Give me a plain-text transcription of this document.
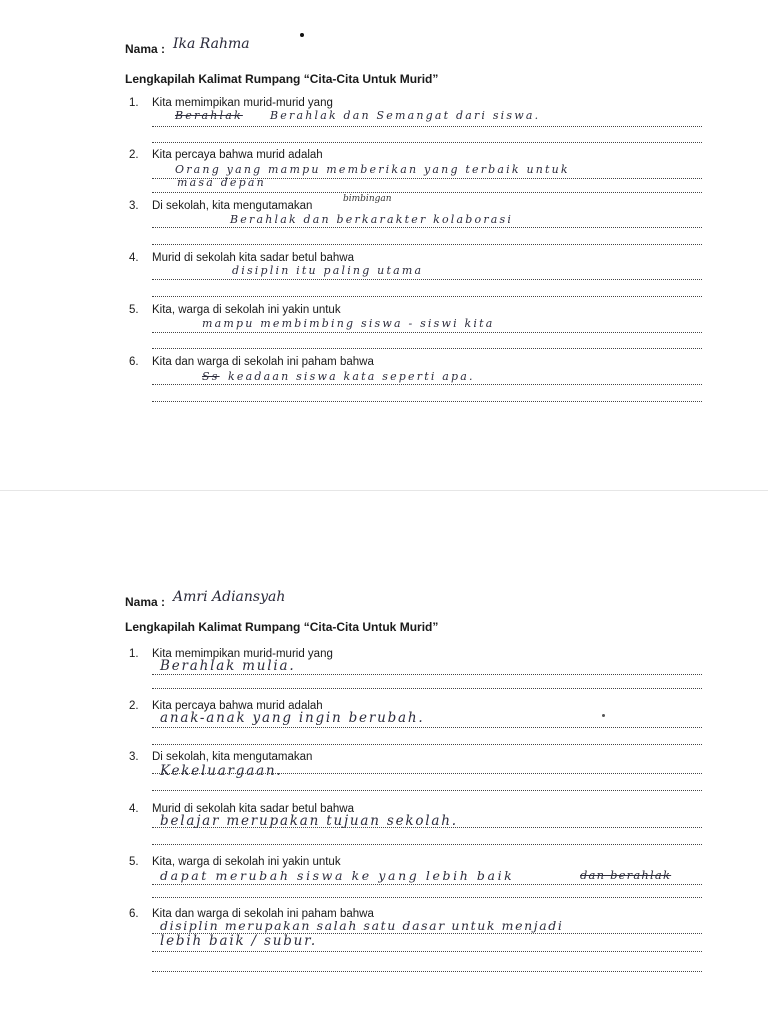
Nama : Ika Rahma
Lengkapilah Kalimat Rumpang “Cita-Cita Untuk Murid”
1. Kita memimpikan murid-murid yang
Berahlak Berahlak dan Semangat dari siswa.
2. Kita percaya bahwa murid adalah
Orang yang mampu memberikan yang terbaik untuk
masa depan
3. Di sekolah, kita mengutamakan
bimbingan
Berahlak dan berkarakter kolaborasi
4. Murid di sekolah kita sadar betul bahwa
disiplin itu paling utama
5. Kita, warga di sekolah ini yakin untuk
mampu membimbing siswa - siswi kita
6. Kita dan warga di sekolah ini paham bahwa
Ss keadaan siswa kata seperti apa.
Nama : Amri Adiansyah
Lengkapilah Kalimat Rumpang “Cita-Cita Untuk Murid”
1. Kita memimpikan murid-murid yang
Berahlak mulia.
2. Kita percaya bahwa murid adalah
anak-anak yang ingin berubah.
3. Di sekolah, kita mengutamakan
Kekeluargaan.
4. Murid di sekolah kita sadar betul bahwa
belajar merupakan tujuan sekolah.
5. Kita, warga di sekolah ini yakin untuk
dapat merubah siswa ke yang lebih baik	dan berahlak
6. Kita dan warga di sekolah ini paham bahwa
disiplin merupakan salah satu dasar untuk menjadi
lebih baik / subur.
